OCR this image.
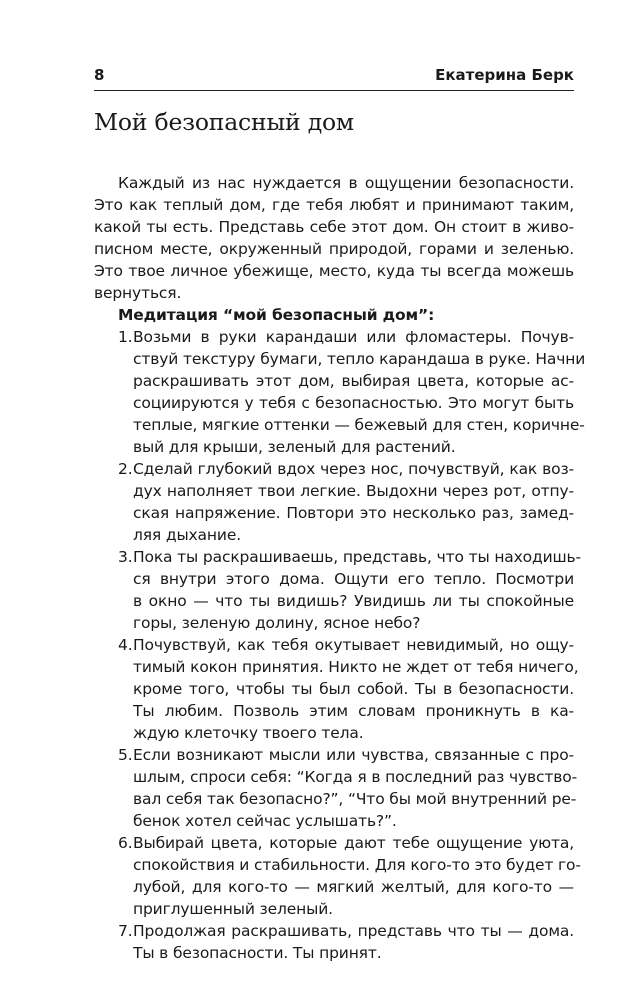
8	Екатерина Берк
Мой безопасный дом
Каждый из нас нуждается в ощущении безопасности.
Это как теплый дом, где тебя любят и принимают таким,
какой ты есть. Представь себе этот дом. Он стоит в живо-
писном месте, окруженный природой, горами и зеленью.
Это твое личное убежище, место, куда ты всегда можешь
вернуться.
Медитация “мой безопасный дом”:
1. Возьми в руки карандаши или фломастеры. Почув-
ствуй текстуру бумаги, тепло карандаша в руке. Начни
раскрашивать этот дом, выбирая цвета, которые ас-
социируются у тебя с безопасностью. Это могут быть
теплые, мягкие оттенки — бежевый для стен, коричне-
вый для крыши, зеленый для растений.
2. Сделай глубокий вдох через нос, почувствуй, как воз-
дух наполняет твои легкие. Выдохни через рот, отпу-
ская напряжение. Повтори это несколько раз, замед-
ляя дыхание.
3. Пока ты раскрашиваешь, представь, что ты находишь-
ся внутри этого дома. Ощути его тепло. Посмотри
в окно — что ты видишь? Увидишь ли ты спокойные
горы, зеленую долину, ясное небо?
4. Почувствуй, как тебя окутывает невидимый, но ощу-
тимый кокон принятия. Никто не ждет от тебя ничего,
кроме того, чтобы ты был собой. Ты в безопасности.
Ты любим. Позволь этим словам проникнуть в ка-
ждую клеточку твоего тела.
5. Если возникают мысли или чувства, связанные с про-
шлым, спроси себя: “Когда я в последний раз чувство-
вал себя так безопасно?”, “Что бы мой внутренний ре-
бенок хотел сейчас услышать?”.
6. Выбирай цвета, которые дают тебе ощущение уюта,
спокойствия и стабильности. Для кого-то это будет го-
лубой, для кого-то — мягкий желтый, для кого-то —
приглушенный зеленый.
7. Продолжая раскрашивать, представь что ты — дома.
Ты в безопасности. Ты принят.
